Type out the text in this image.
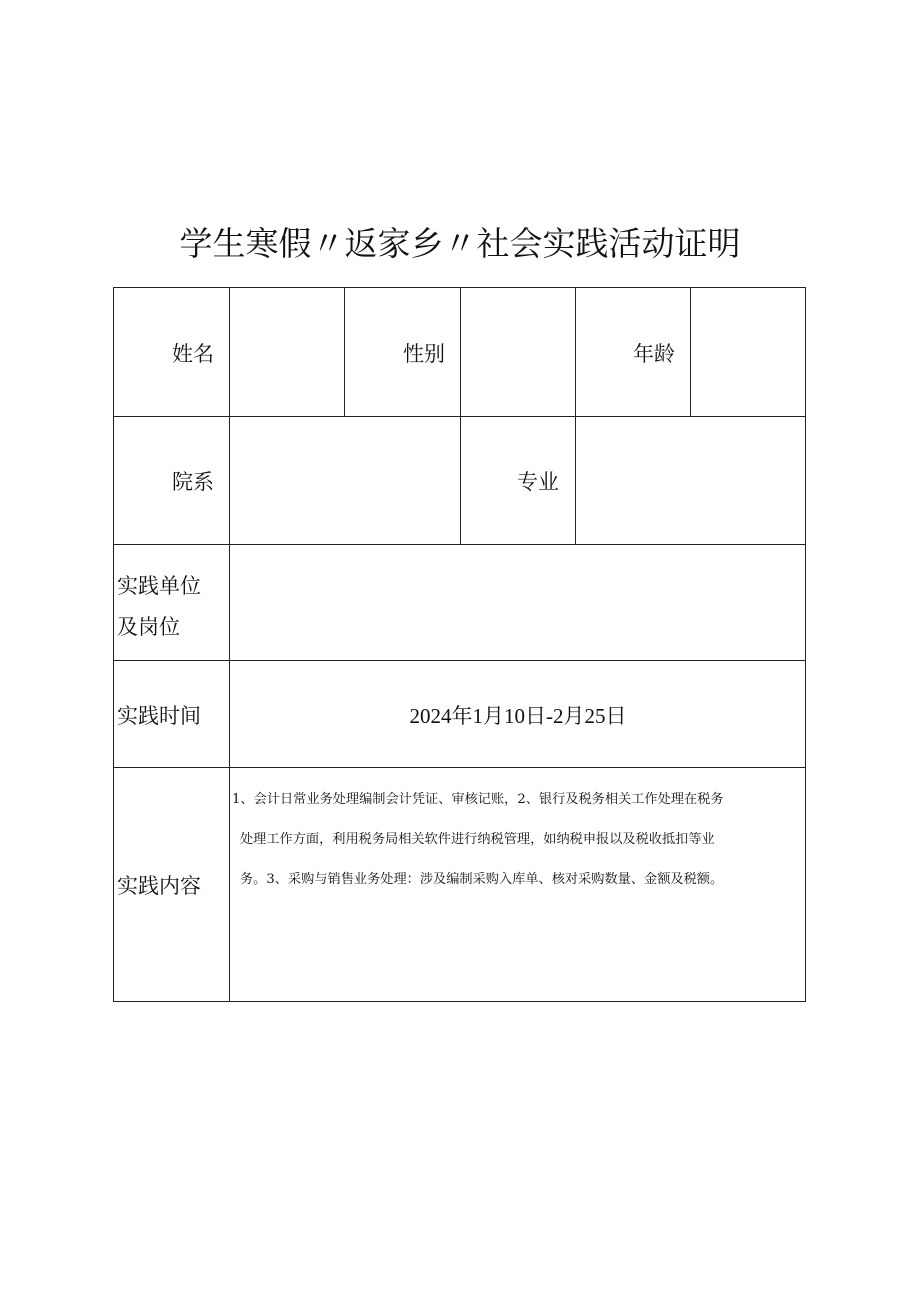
学生寒假〃返家乡〃社会实践活动证明
姓名	性别	年龄
院系	专业
实践单位
及岗位
实践时间	2024年1月10日-2月25日
实践内容

1、会计日常业务处理编制会计凭证、审核记账，2、银行及税务相关工作处理在税务

处理工作方面，利用税务局相关软件进行纳税管理，如纳税申报以及税收抵扣等业

务。3、采购与销售业务处理：涉及编制采购入库单、核对采购数量、金额及税额。
